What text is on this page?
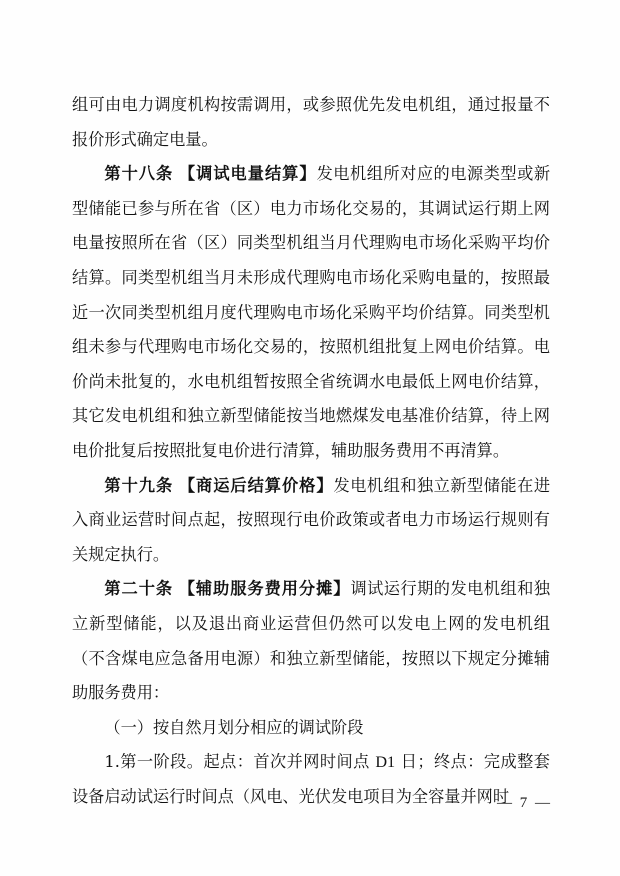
组可由电力调度机构按需调用，或参照优先发电机组，通过报量不报价形式确定电量。
第十八条 【调试电量结算】发电机组所对应的电源类型或新型储能已参与所在省（区）电力市场化交易的，其调试运行期上网电量按照所在省（区）同类型机组当月代理购电市场化采购平均价结算。同类型机组当月未形成代理购电市场化采购电量的，按照最近一次同类型机组月度代理购电市场化采购平均价结算。同类型机组未参与代理购电市场化交易的，按照机组批复上网电价结算。电价尚未批复的，水电机组暂按照全省统调水电最低上网电价结算，其它发电机组和独立新型储能按当地燃煤发电基准价结算，待上网电价批复后按照批复电价进行清算，辅助服务费用不再清算。
第十九条 【商运后结算价格】发电机组和独立新型储能在进入商业运营时间点起，按照现行电价政策或者电力市场运行规则有关规定执行。
第二十条 【辅助服务费用分摊】调试运行期的发电机组和独立新型储能，以及退出商业运营但仍然可以发电上网的发电机组（不含煤电应急备用电源）和独立新型储能，按照以下规定分摊辅助服务费用：
（一）按自然月划分相应的调试阶段
1.第一阶段。起点：首次并网时间点 D1 日；终点：完成整套设备启动试运行时间点（风电、光伏发电项目为全容量并网时
— 7 —
